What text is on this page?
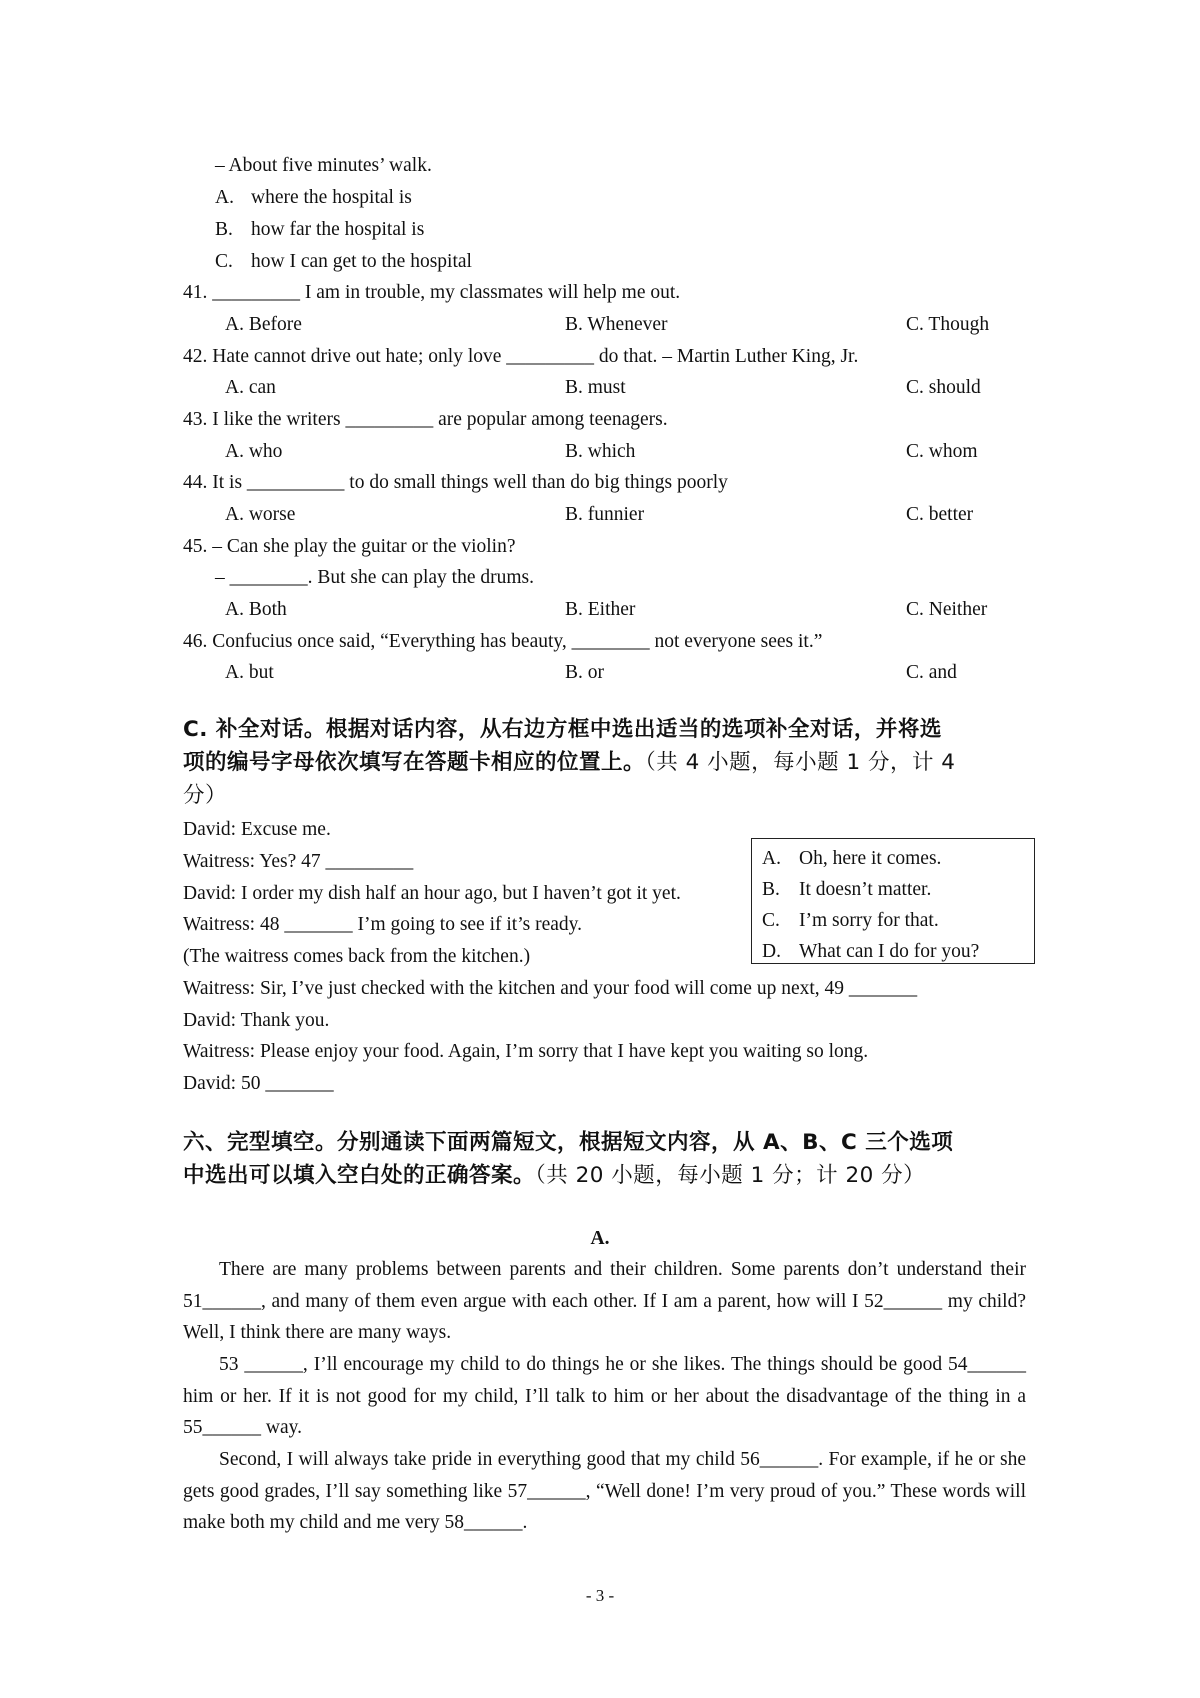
– About five minutes’ walk.
A. where the hospital is
B. how far the hospital is
C. how I can get to the hospital
41. _________ I am in trouble, my classmates will help me out.
A. Before	B. Whenever	C. Though
42. Hate cannot drive out hate; only love _________ do that. – Martin Luther King, Jr.
A. can	B. must	C. should
43. I like the writers _________ are popular among teenagers.
A. who	B. which	C. whom
44. It is __________ to do small things well than do big things poorly
A. worse	B. funnier	C. better
45. – Can she play the guitar or the violin?
– ________. But she can play the drums.
A. Both	B. Either	C. Neither
46. Confucius once said, “Everything has beauty, ________ not everyone sees it.”
A. but	B. or	C. and
C. 补全对话。根据对话内容，从右边方框中选出适当的选项补全对话，并将选
项的编号字母依次填写在答题卡相应的位置上。（共 4 小题，每小题 1 分，计 4
分）
David: Excuse me.
Waitress: Yes? 47 _________
David: I order my dish half an hour ago, but I haven’t got it yet.
Waitress: 48 _______ I’m going to see if it’s ready.
(The waitress comes back from the kitchen.)
Waitress: Sir, I’ve just checked with the kitchen and your food will come up next, 49 _______
David: Thank you.
Waitress: Please enjoy your food. Again, I’m sorry that I have kept you waiting so long.
David: 50 _______
A. Oh, here it comes.
B. It doesn’t matter.
C. I’m sorry for that.
D. What can I do for you?
六、完型填空。分别通读下面两篇短文，根据短文内容，从 A、B、C 三个选项
中选出可以填入空白处的正确答案。（共 20 小题，每小题 1 分；计 20 分）
A.
There are many problems between parents and their children. Some parents don’t understand their 51______, and many of them even argue with each other. If I am a parent, how will I 52______ my child? Well, I think there are many ways.
53 ______, I’ll encourage my child to do things he or she likes. The things should be good 54______ him or her. If it is not good for my child, I’ll talk to him or her about the disadvantage of the thing in a 55______ way.
Second, I will always take pride in everything good that my child 56______. For example, if he or she gets good grades, I’ll say something like 57______, “Well done! I’m very proud of you.” These words will make both my child and me very 58______.
- 3 -
